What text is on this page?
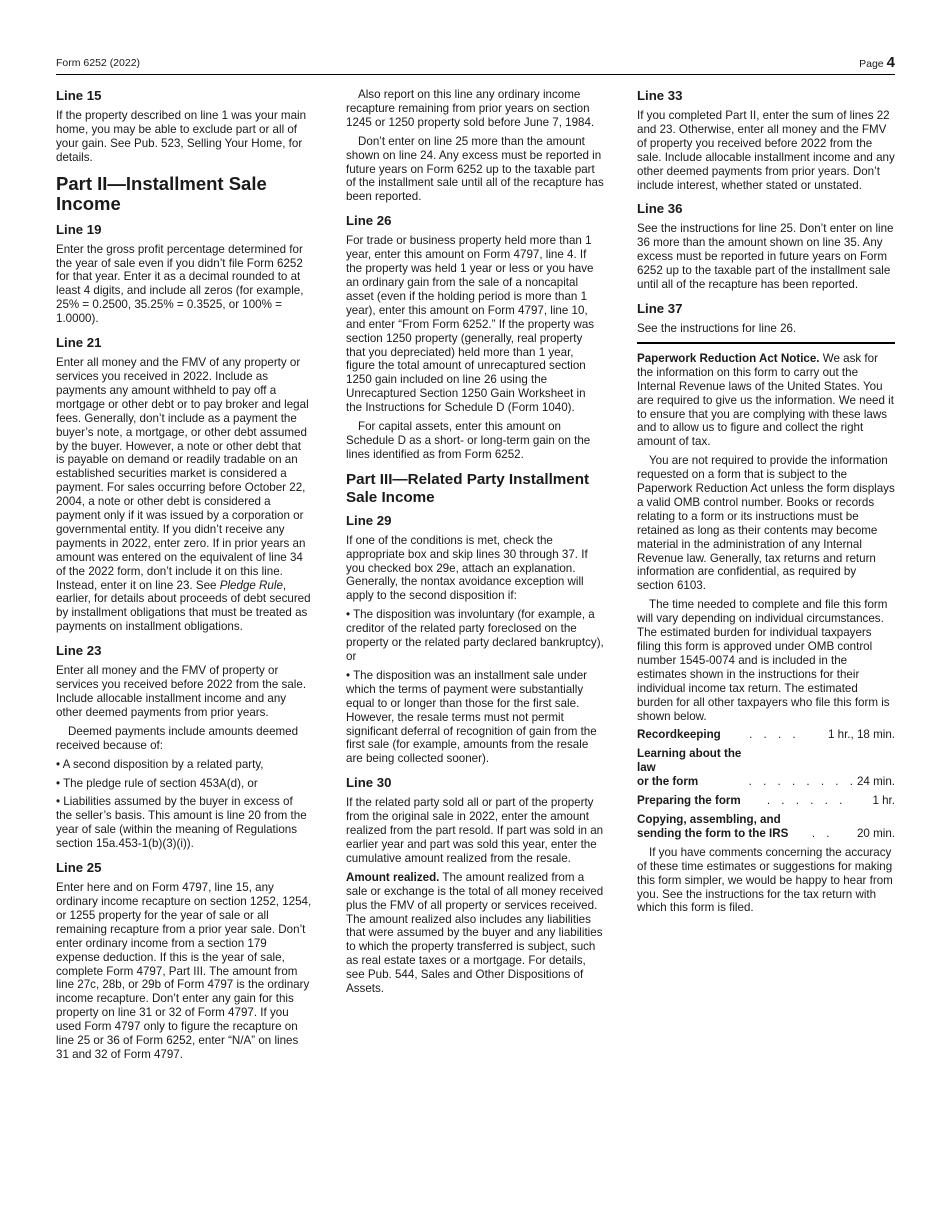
Form 6252 (2022)	Page 4
Line 15

If the property described on line 1 was your main home, you may be able to exclude part or all of your gain. See Pub. 523, Selling Your Home, for details.

Part II—Installment Sale Income
Line 19

Enter the gross profit percentage determined for the year of sale even if you didn’t file Form 6252 for that year. Enter it as a decimal rounded to at least 4 digits, and include all zeros (for example, 25% = 0.2500, 35.25% = 0.3525, or 100% = 1.0000).

Line 21

Enter all money and the FMV of any property or services you received in 2022. Include as payments any amount withheld to pay off a mortgage or other debt or to pay broker and legal fees. Generally, don’t include as a payment the buyer’s note, a mortgage, or other debt assumed by the buyer. However, a note or other debt that is payable on demand or readily tradable on an established securities market is considered a payment. For sales occurring before October 22, 2004, a note or other debt is considered a payment only if it was issued by a corporation or governmental entity. If you didn’t receive any payments in 2022, enter zero. If in prior years an amount was entered on the equivalent of line 34 of the 2022 form, don’t include it on this line. Instead, enter it on line 23. See Pledge Rule, earlier, for details about proceeds of debt secured by installment obligations that must be treated as payments on installment obligations.

Line 23

Enter all money and the FMV of property or services you received before 2022 from the sale. Include allocable installment income and any other deemed payments from prior years.

Deemed payments include amounts deemed received because of:

• A second disposition by a related party,

• The pledge rule of section 453A(d), or

• Liabilities assumed by the buyer in excess of the seller’s basis. This amount is line 20 from the year of sale (within the meaning of Regulations section 15a.453-1(b)(3)(i)).

Line 25

Enter here and on Form 4797, line 15, any ordinary income recapture on section 1252, 1254, or 1255 property for the year of sale or all remaining recapture from a prior year sale. Don’t enter ordinary income from a section 179 expense deduction. If this is the year of sale, complete Form 4797, Part III. The amount from line 27c, 28b, or 29b of Form 4797 is the ordinary income recapture. Don’t enter any gain for this property on line 31 or 32 of Form 4797. If you used Form 4797 only to figure the recapture on line 25 or 36 of Form 6252, enter “N/A” on lines 31 and 32 of Form 4797.

Also report on this line any ordinary income recapture remaining from prior years on section 1245 or 1250 property sold before June 7, 1984.

Don’t enter on line 25 more than the amount shown on line 24. Any excess must be reported in future years on Form 6252 up to the taxable part of the installment sale until all of the recapture has been reported.

Line 26

For trade or business property held more than 1 year, enter this amount on Form 4797, line 4. If the property was held 1 year or less or you have an ordinary gain from the sale of a noncapital asset (even if the holding period is more than 1 year), enter this amount on Form 4797, line 10, and enter “From Form 6252.” If the property was section 1250 property (generally, real property that you depreciated) held more than 1 year, figure the total amount of unrecaptured section 1250 gain included on line 26 using the Unrecaptured Section 1250 Gain Worksheet in the Instructions for Schedule D (Form 1040).

For capital assets, enter this amount on Schedule D as a short- or long-term gain on the lines identified as from Form 6252.

Part III—Related Party Installment Sale Income
Line 29

If one of the conditions is met, check the appropriate box and skip lines 30 through 37. If you checked box 29e, attach an explanation. Generally, the nontax avoidance exception will apply to the second disposition if:

• The disposition was involuntary (for example, a creditor of the related party foreclosed on the property or the related party declared bankruptcy), or

• The disposition was an installment sale under which the terms of payment were substantially equal to or longer than those for the first sale. However, the resale terms must not permit significant deferral of recognition of gain from the first sale (for example, amounts from the resale are being collected sooner).

Line 30

If the related party sold all or part of the property from the original sale in 2022, enter the amount realized from the part resold. If part was sold in an earlier year and part was sold this year, enter the cumulative amount realized from the resale.

Amount realized. The amount realized from a sale or exchange is the total of all money received plus the FMV of all property or services received. The amount realized also includes any liabilities that were assumed by the buyer and any liabilities to which the property transferred is subject, such as real estate taxes or a mortgage. For details, see Pub. 544, Sales and Other Dispositions of Assets.

Line 33

If you completed Part II, enter the sum of lines 22 and 23. Otherwise, enter all money and the FMV of property you received before 2022 from the sale. Include allocable installment income and any other deemed payments from prior years. Don’t include interest, whether stated or unstated.

Line 36

See the instructions for line 25. Don’t enter on line 36 more than the amount shown on line 35. Any excess must be reported in future years on Form 6252 up to the taxable part of the installment sale until all of the recapture has been reported.

Line 37

See the instructions for line 26.

Paperwork Reduction Act Notice. We ask for the information on this form to carry out the Internal Revenue laws of the United States. You are required to give us the information. We need it to ensure that you are complying with these laws and to allow us to figure and collect the right amount of tax.

You are not required to provide the information requested on a form that is subject to the Paperwork Reduction Act unless the form displays a valid OMB control number. Books or records relating to a form or its instructions must be retained as long as their contents may become material in the administration of any Internal Revenue law. Generally, tax returns and return information are confidential, as required by section 6103.

The time needed to complete and file this form will vary depending on individual circumstances. The estimated burden for individual taxpayers filing this form is approved under OMB control number 1545-0074 and is included in the estimates shown in the instructions for their individual income tax return. The estimated burden for all other taxpayers who file this form is shown below.

Recordkeeping	. . . .	1 hr., 18 min.
Learning about the law
or the form	. . . . . . . . 24 min.
Preparing the form	. . . . . .	1 hr.
Copying, assembling, and
sending the form to the IRS	. .	20 min.

If you have comments concerning the accuracy of these time estimates or suggestions for making this form simpler, we would be happy to hear from you. See the instructions for the tax return with which this form is filed.
